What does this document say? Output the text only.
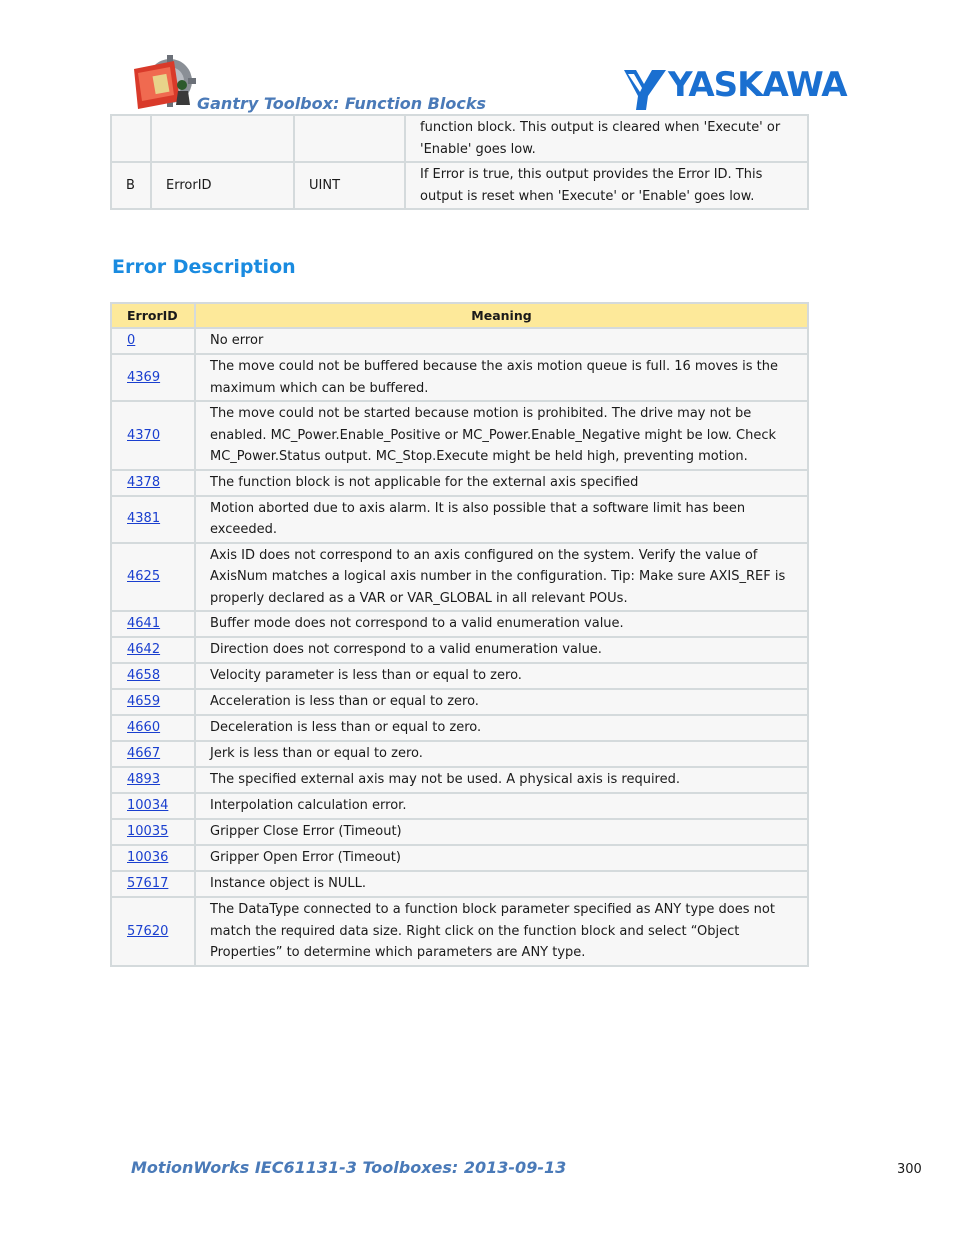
Gantry Toolbox: Function Blocks	YASKAWA
			function block. This output is cleared when 'Execute' or 'Enable' goes low.
B	ErrorID	UINT	If Error is true, this output provides the Error ID. This output is reset when 'Execute' or 'Enable' goes low.
Error Description
ErrorID	Meaning
0	No error
4369	The move could not be buffered because the axis motion queue is full. 16 moves is the maximum which can be buffered.
4370	The move could not be started because motion is prohibited. The drive may not be enabled. MC_Power.Enable_Positive or MC_Power.Enable_Negative might be low. Check MC_Power.Status output. MC_Stop.Execute might be held high, preventing motion.
4378	The function block is not applicable for the external axis specified
4381	Motion aborted due to axis alarm. It is also possible that a software limit has been exceeded.
4625	Axis ID does not correspond to an axis configured on the system. Verify the value of AxisNum matches a logical axis number in the configuration. Tip: Make sure AXIS_REF is properly declared as a VAR or VAR_GLOBAL in all relevant POUs.
4641	Buffer mode does not correspond to a valid enumeration value.
4642	Direction does not correspond to a valid enumeration value.
4658	Velocity parameter is less than or equal to zero.
4659	Acceleration is less than or equal to zero.
4660	Deceleration is less than or equal to zero.
4667	Jerk is less than or equal to zero.
4893	The specified external axis may not be used. A physical axis is required.
10034	Interpolation calculation error.
10035	Gripper Close Error (Timeout)
10036	Gripper Open Error (Timeout)
57617	Instance object is NULL.
57620	The DataType connected to a function block parameter specified as ANY type does not match the required data size. Right click on the function block and select “Object Properties” to determine which parameters are ANY type.
MotionWorks IEC61131-3 Toolboxes: 2013-09-13	300
